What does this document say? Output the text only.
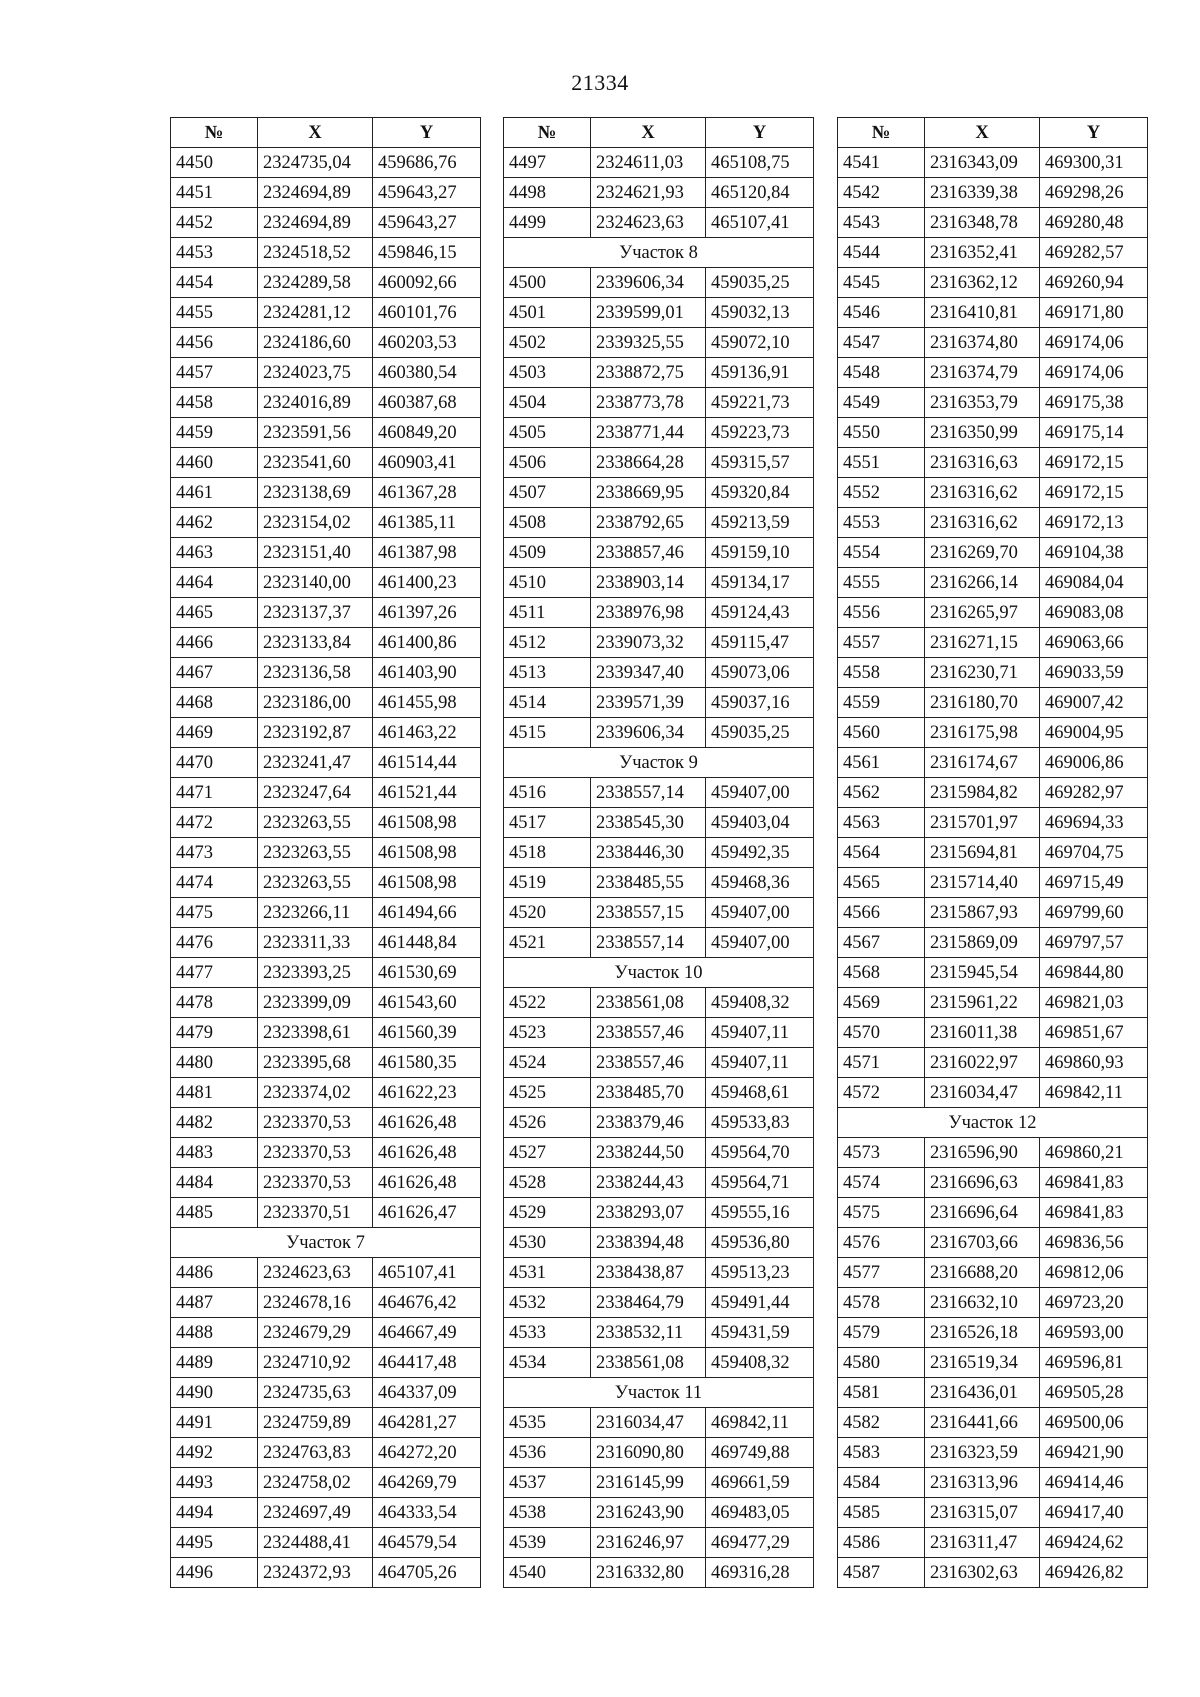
21334
№	X	Y
4450	2324735,04	459686,76
4451	2324694,89	459643,27
4452	2324694,89	459643,27
4453	2324518,52	459846,15
4454	2324289,58	460092,66
4455	2324281,12	460101,76
4456	2324186,60	460203,53
4457	2324023,75	460380,54
4458	2324016,89	460387,68
4459	2323591,56	460849,20
4460	2323541,60	460903,41
4461	2323138,69	461367,28
4462	2323154,02	461385,11
4463	2323151,40	461387,98
4464	2323140,00	461400,23
4465	2323137,37	461397,26
4466	2323133,84	461400,86
4467	2323136,58	461403,90
4468	2323186,00	461455,98
4469	2323192,87	461463,22
4470	2323241,47	461514,44
4471	2323247,64	461521,44
4472	2323263,55	461508,98
4473	2323263,55	461508,98
4474	2323263,55	461508,98
4475	2323266,11	461494,66
4476	2323311,33	461448,84
4477	2323393,25	461530,69
4478	2323399,09	461543,60
4479	2323398,61	461560,39
4480	2323395,68	461580,35
4481	2323374,02	461622,23
4482	2323370,53	461626,48
4483	2323370,53	461626,48
4484	2323370,53	461626,48
4485	2323370,51	461626,47
Участок 7		
4486	2324623,63	465107,41
4487	2324678,16	464676,42
4488	2324679,29	464667,49
4489	2324710,92	464417,48
4490	2324735,63	464337,09
4491	2324759,89	464281,27
4492	2324763,83	464272,20
4493	2324758,02	464269,79
4494	2324697,49	464333,54
4495	2324488,41	464579,54
4496	2324372,93	464705,26
№	X	Y
4497	2324611,03	465108,75
4498	2324621,93	465120,84
4499	2324623,63	465107,41
Участок 8		
4500	2339606,34	459035,25
4501	2339599,01	459032,13
4502	2339325,55	459072,10
4503	2338872,75	459136,91
4504	2338773,78	459221,73
4505	2338771,44	459223,73
4506	2338664,28	459315,57
4507	2338669,95	459320,84
4508	2338792,65	459213,59
4509	2338857,46	459159,10
4510	2338903,14	459134,17
4511	2338976,98	459124,43
4512	2339073,32	459115,47
4513	2339347,40	459073,06
4514	2339571,39	459037,16
4515	2339606,34	459035,25
Участок 9		
4516	2338557,14	459407,00
4517	2338545,30	459403,04
4518	2338446,30	459492,35
4519	2338485,55	459468,36
4520	2338557,15	459407,00
4521	2338557,14	459407,00
Участок 10		
4522	2338561,08	459408,32
4523	2338557,46	459407,11
4524	2338557,46	459407,11
4525	2338485,70	459468,61
4526	2338379,46	459533,83
4527	2338244,50	459564,70
4528	2338244,43	459564,71
4529	2338293,07	459555,16
4530	2338394,48	459536,80
4531	2338438,87	459513,23
4532	2338464,79	459491,44
4533	2338532,11	459431,59
4534	2338561,08	459408,32
Участок 11		
4535	2316034,47	469842,11
4536	2316090,80	469749,88
4537	2316145,99	469661,59
4538	2316243,90	469483,05
4539	2316246,97	469477,29
4540	2316332,80	469316,28
№	X	Y
4541	2316343,09	469300,31
4542	2316339,38	469298,26
4543	2316348,78	469280,48
4544	2316352,41	469282,57
4545	2316362,12	469260,94
4546	2316410,81	469171,80
4547	2316374,80	469174,06
4548	2316374,79	469174,06
4549	2316353,79	469175,38
4550	2316350,99	469175,14
4551	2316316,63	469172,15
4552	2316316,62	469172,15
4553	2316316,62	469172,13
4554	2316269,70	469104,38
4555	2316266,14	469084,04
4556	2316265,97	469083,08
4557	2316271,15	469063,66
4558	2316230,71	469033,59
4559	2316180,70	469007,42
4560	2316175,98	469004,95
4561	2316174,67	469006,86
4562	2315984,82	469282,97
4563	2315701,97	469694,33
4564	2315694,81	469704,75
4565	2315714,40	469715,49
4566	2315867,93	469799,60
4567	2315869,09	469797,57
4568	2315945,54	469844,80
4569	2315961,22	469821,03
4570	2316011,38	469851,67
4571	2316022,97	469860,93
4572	2316034,47	469842,11
Участок 12		
4573	2316596,90	469860,21
4574	2316696,63	469841,83
4575	2316696,64	469841,83
4576	2316703,66	469836,56
4577	2316688,20	469812,06
4578	2316632,10	469723,20
4579	2316526,18	469593,00
4580	2316519,34	469596,81
4581	2316436,01	469505,28
4582	2316441,66	469500,06
4583	2316323,59	469421,90
4584	2316313,96	469414,46
4585	2316315,07	469417,40
4586	2316311,47	469424,62
4587	2316302,63	469426,82
